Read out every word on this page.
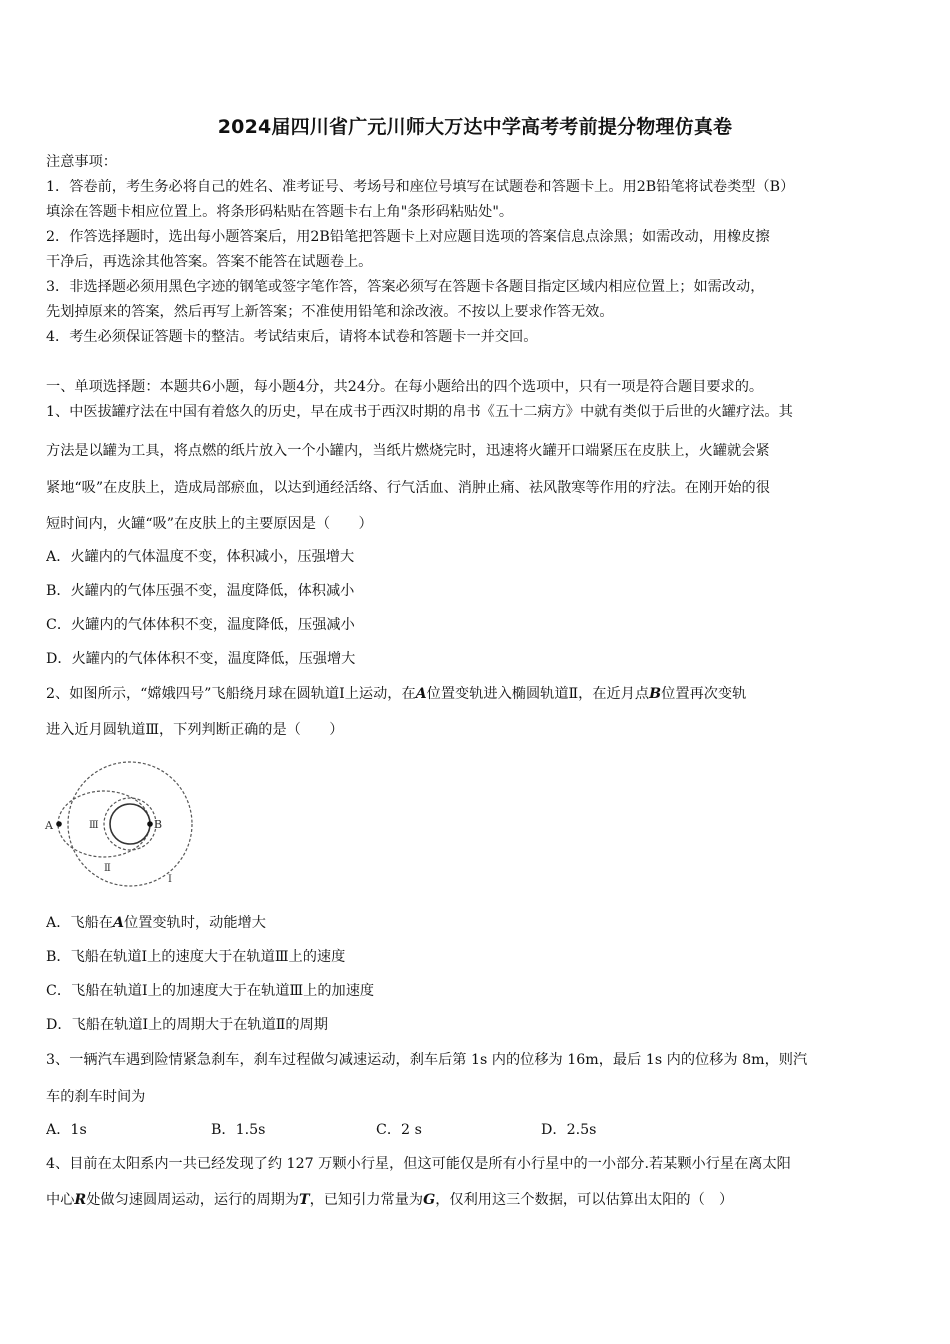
2024届四川省广元川师大万达中学高考考前提分物理仿真卷
注意事项：
1．答卷前，考生务必将自己的姓名、准考证号、考场号和座位号填写在试题卷和答题卡上。用2B铅笔将试卷类型（B）
填涂在答题卡相应位置上。将条形码粘贴在答题卡右上角"条形码粘贴处"。
2．作答选择题时，选出每小题答案后，用2B铅笔把答题卡上对应题目选项的答案信息点涂黑；如需改动，用橡皮擦
干净后，再选涂其他答案。答案不能答在试题卷上。
3．非选择题必须用黑色字迹的钢笔或签字笔作答，答案必须写在答题卡各题目指定区域内相应位置上；如需改动，
先划掉原来的答案，然后再写上新答案；不准使用铅笔和涂改液。不按以上要求作答无效。
4．考生必须保证答题卡的整洁。考试结束后，请将本试卷和答题卡一并交回。
一、单项选择题：本题共6小题，每小题4分，共24分。在每小题给出的四个选项中，只有一项是符合题目要求的。
1、中医拔罐疗法在中国有着悠久的历史，早在成书于西汉时期的帛书《五十二病方》中就有类似于后世的火罐疗法。其
方法是以罐为工具，将点燃的纸片放入一个小罐内，当纸片燃烧完时，迅速将火罐开口端紧压在皮肤上，火罐就会紧
紧地“吸”在皮肤上，造成局部瘀血，以达到通经活络、行气活血、消肿止痛、祛风散寒等作用的疗法。在刚开始的很
短时间内，火罐“吸”在皮肤上的主要原因是（　　）
A．火罐内的气体温度不变，体积减小，压强增大
B．火罐内的气体压强不变，温度降低，体积减小
C．火罐内的气体体积不变，温度降低，压强减小
D．火罐内的气体体积不变，温度降低，压强增大
2、如图所示，“嫦娥四号”飞船绕月球在圆轨道Ⅰ上运动，在A位置变轨进入椭圆轨道Ⅱ，在近月点B位置再次变轨
进入近月圆轨道Ⅲ，下列判断正确的是（　　）
A	B
Ⅲ
Ⅱ
Ⅰ
A．飞船在A位置变轨时，动能增大
B．飞船在轨道Ⅰ上的速度大于在轨道Ⅲ上的速度
C．飞船在轨道Ⅰ上的加速度大于在轨道Ⅲ上的加速度
D．飞船在轨道Ⅰ上的周期大于在轨道Ⅱ的周期
3、一辆汽车遇到险情紧急刹车，刹车过程做匀减速运动，刹车后第 1s 内的位移为 16m，最后 1s 内的位移为 8m，则汽
车的刹车时间为
A．1s	B．1.5s	C．2 s	D．2.5s
4、目前在太阳系内一共已经发现了约 127 万颗小行星，但这可能仅是所有小行星中的一小部分.若某颗小行星在离太阳
中心R处做匀速圆周运动，运行的周期为T，已知引力常量为G，仅利用这三个数据，可以估算出太阳的（　）
